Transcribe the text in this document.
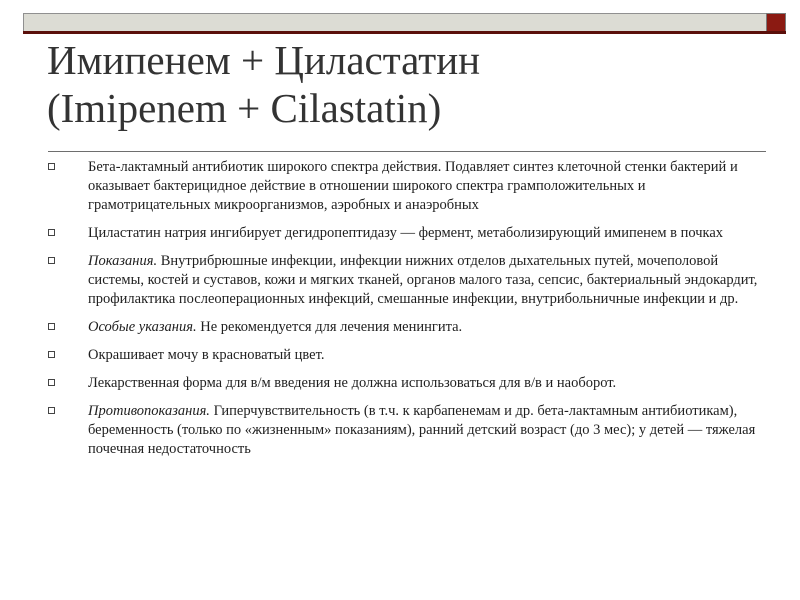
Имипенем + Циластатин
(Imipenem + Cilastatin)
Бета-лактамный антибиотик широкого спектра действия. Подавляет синтез клеточной стенки бактерий и оказывает бактерицидное действие в отношении широкого спектра грамположительных и грамотрицательных микроорганизмов, аэробных и анаэробных
Циластатин натрия ингибирует дегидропептидазу — фермент, метаболизирующий имипенем в почках
Показания. Внутрибрюшные инфекции, инфекции нижних отделов дыхательных путей, мочеполовой системы, костей и суставов, кожи и мягких тканей, органов малого таза, сепсис, бактериальный эндокардит, профилактика послеоперационных инфекций, смешанные инфекции, внутрибольничные инфекции и др.
Особые указания. Не рекомендуется для лечения менингита.
Окрашивает мочу в красноватый цвет.
Лекарственная форма для в/м введения не должна использоваться для в/в и наоборот.
Противопоказания. Гиперчувствительность (в т.ч. к карбапенемам и др. бета-лактамным антибиотикам), беременность (только по «жизненным» показаниям), ранний детский возраст (до 3 мес); у детей — тяжелая почечная недостаточность
